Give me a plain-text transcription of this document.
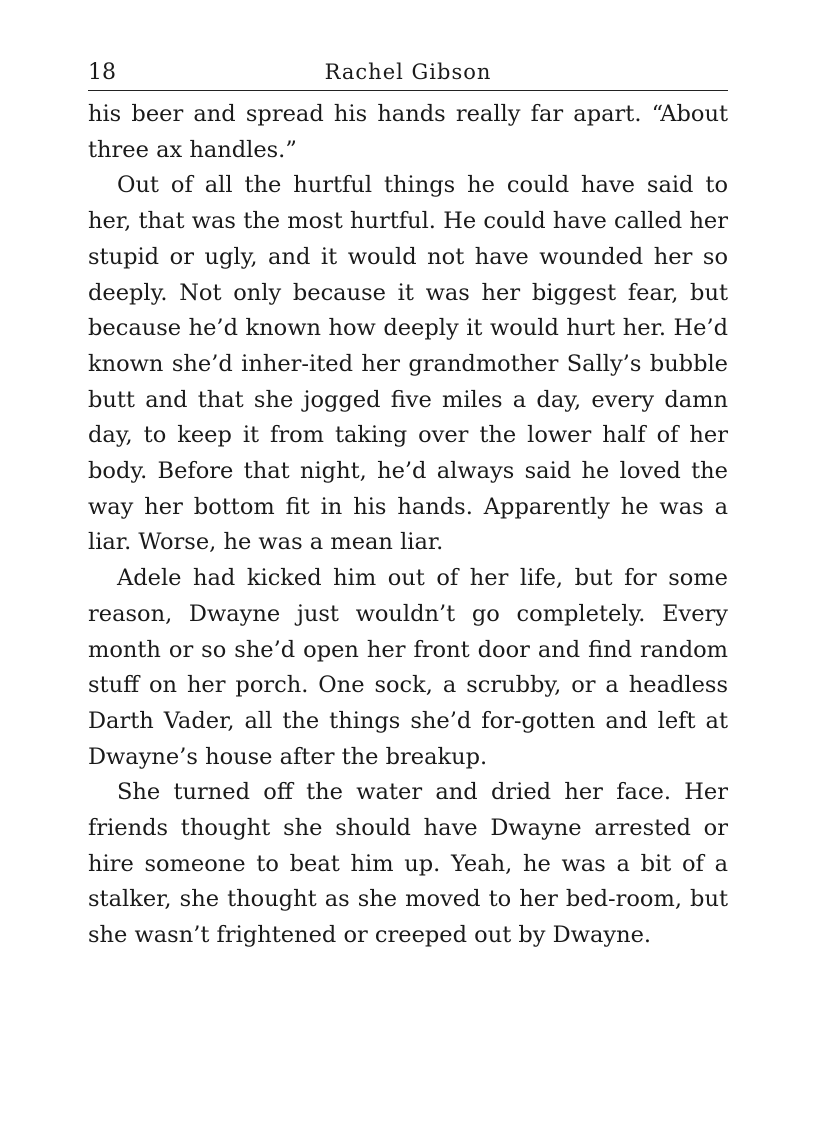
18	Rachel Gibson

his beer and spread his hands really far apart. “About three ax handles.”

Out of all the hurtful things he could have said to her, that was the most hurtful. He could have called her stupid or ugly, and it would not have wounded her so deeply. Not only because it was her biggest fear, but because he’d known how deeply it would hurt her. He’d known she’d inher-ited her grandmother Sally’s bubble butt and that she jogged five miles a day, every damn day, to keep it from taking over the lower half of her body. Before that night, he’d always said he loved the way her bottom fit in his hands. Apparently he was a liar. Worse, he was a mean liar.

Adele had kicked him out of her life, but for some reason, Dwayne just wouldn’t go completely. Every month or so she’d open her front door and find random stuff on her porch. One sock, a scrubby, or a headless Darth Vader, all the things she’d for-gotten and left at Dwayne’s house after the breakup.

She turned off the water and dried her face. Her friends thought she should have Dwayne arrested or hire someone to beat him up. Yeah, he was a bit of a stalker, she thought as she moved to her bed-room, but she wasn’t frightened or creeped out by Dwayne.
